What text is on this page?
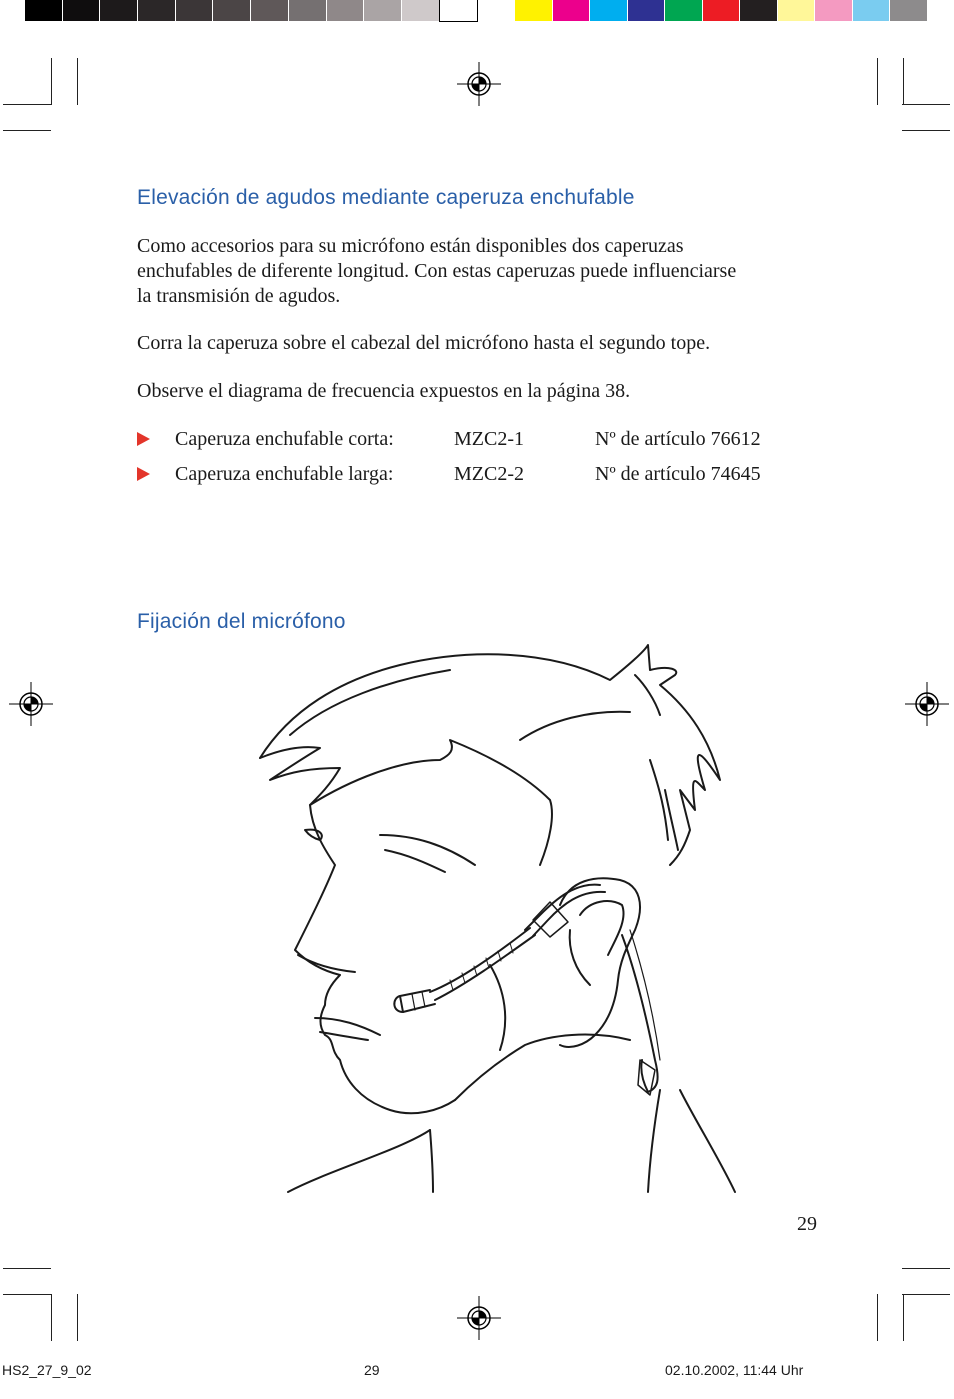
Elevación de agudos mediante caperuza enchufable

Como accesorios para su micrófono están disponibles dos caperuzas
enchufables de diferente longitud. Con estas caperuzas puede influenciarse
la transmisión de agudos.

Corra la caperuza sobre el cabezal del micrófono hasta el segundo tope.

Observe el diagrama de frecuencia expuestos en la página 38.

Caperuza enchufable corta:	MZC2-1	Nº de artículo 76612
Caperuza enchufable larga:	MZC2-2	Nº de artículo 74645
Fijación del micrófono
29
HS2_27_9_02	29	02.10.2002, 11:44 Uhr
